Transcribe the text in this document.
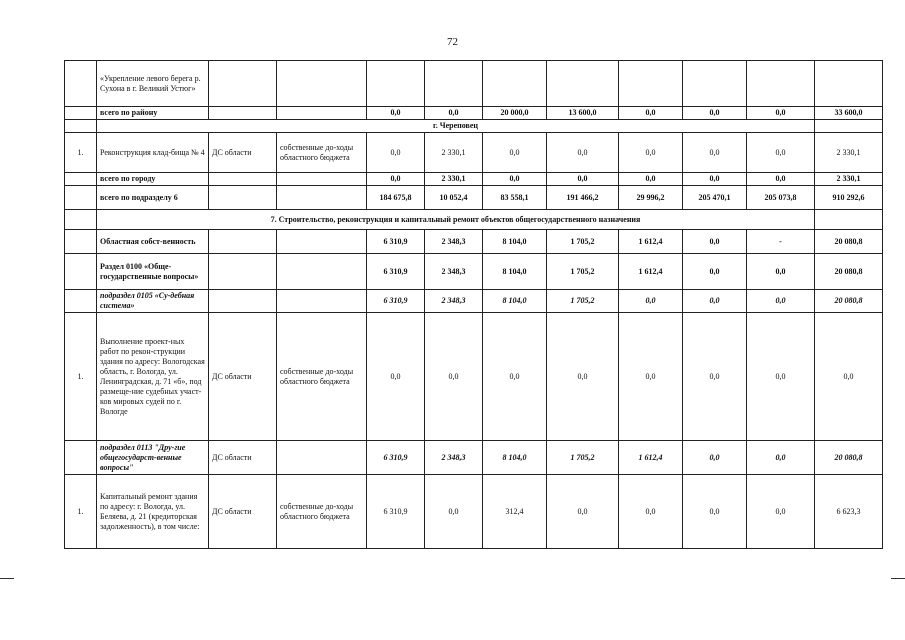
72
	«Укрепление левого берега р. Сухона в г. Великий Устюг»										
	всего по району			0,0	0,0	20 000,0	13 600,0	0,0	0,0	0,0	33 600,0
	г. Череповец										
1.	Реконструкция клад-бища № 4	ДС области	собственные до-ходы областного бюджета	0,0	2 330,1	0,0	0,0	0,0	0,0	0,0	2 330,1
	всего по городу			0,0	2 330,1	0,0	0,0	0,0	0,0	0,0	2 330,1
	всего по подразделу 6			184 675,8	10 052,4	83 558,1	191 466,2	29 996,2	205 470,1	205 073,8	910 292,6
	7. Строительство, реконструкция и капитальный ремонт объектов общегосударственного назначения										
	Областная собст-венность			6 310,9	2 348,3	8 104,0	1 705,2	1 612,4	0,0	-	20 080,8
	Раздел 0100 «Обще-государственные вопросы»			6 310,9	2 348,3	8 104,0	1 705,2	1 612,4	0,0	0,0	20 080,8
	подраздел 0105 «Су-дебная система»			6 310,9	2 348,3	8 104,0	1 705,2	0,0	0,0	0,0	20 080,8
1.	Выполнение проект-ных работ по рекон-струкции здания по адресу: Вологодская область, г. Вологда, ул. Ленинградская, д. 71 «б», под размеще-ние судебных участ-ков мировых судей по г. Вологде	ДС области	собственные до-ходы областного бюджета	0,0	0,0	0,0	0,0	0,0	0,0	0,0	0,0
	подраздел 0113 "Дру-гие общегосударст-венные вопросы"	ДС области		6 310,9	2 348,3	8 104,0	1 705,2	1 612,4	0,0	0,0	20 080,8
1.	Капитальный ремонт здания по адресу: г. Вологда, ул. Беляева, д. 21 (кредиторская задолженность), в том числе:	ДС области	собственные до-ходы областного бюджета	6 310,9	0,0	312,4	0,0	0,0	0,0	0,0	6 623,3
